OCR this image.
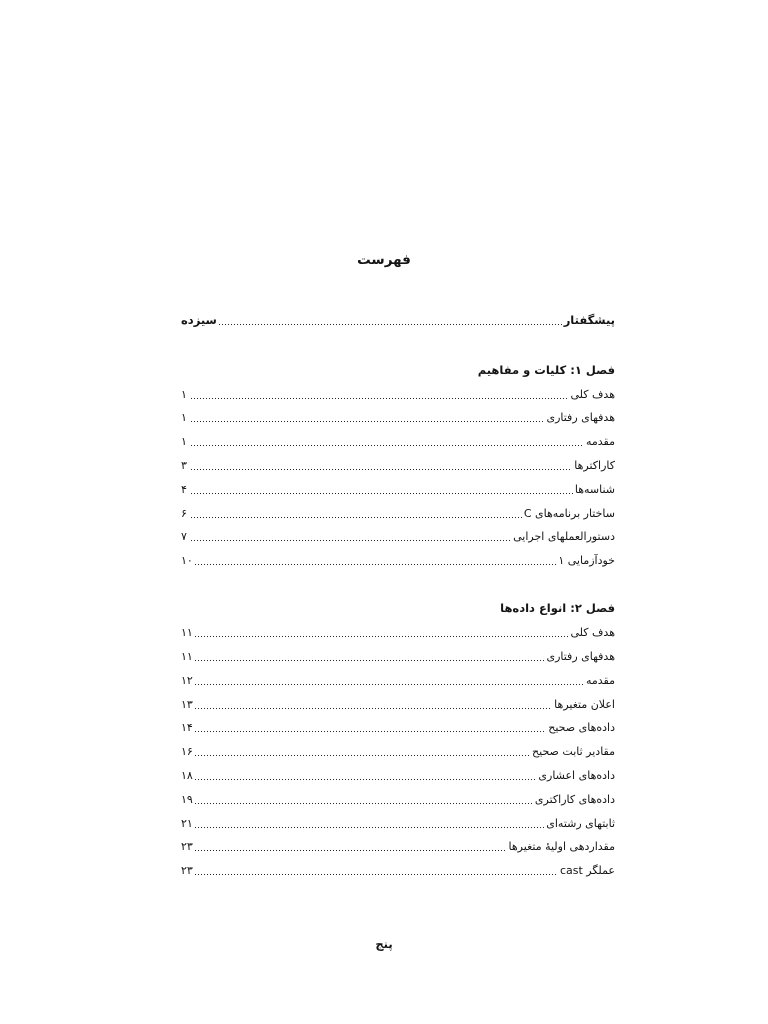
فهرست
پیشگفتار
سیزده
فصل ۱: کلیات و مفاهیم
هدف کلی
۱
هدفهای رفتاری
۱
مقدمه
۱
کاراکترها
۳
شناسه‌ها
۴
ساختار برنامه‌های C
۶
دستورالعملهای اجرایی
۷
خودآزمایی ۱
۱۰
فصل ۲: انواع داده‌ها
هدف کلی
۱۱
هدفهای رفتاری
۱۱
مقدمه
۱۲
اعلان متغیرها
۱۳
داده‌های صحیح
۱۴
مقادیر ثابت صحیح
۱۶
داده‌های اعشاری
۱۸
داده‌های کاراکتری
۱۹
ثابتهای رشته‌ای
۲۱
مقداردهی اولیهٔ متغیرها
۲۳
عملگر cast
۲۳
پنج
